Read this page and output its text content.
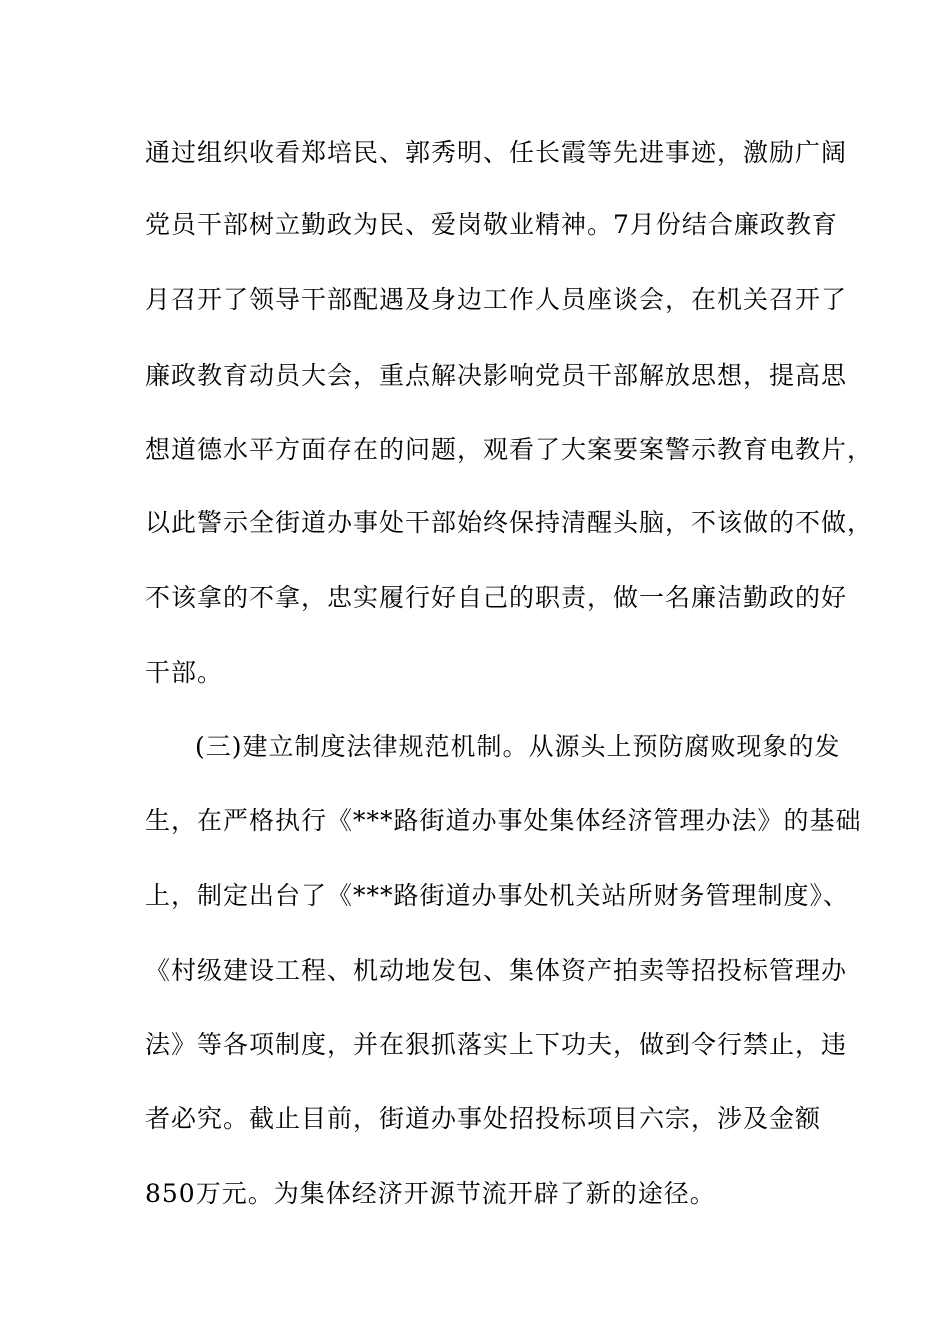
通过组织收看郑培民、郭秀明、任长霞等先进事迹，激励广阔
党员干部树立勤政为民、爱岗敬业精神。7月份结合廉政教育
月召开了领导干部配遇及身边工作人员座谈会，在机关召开了
廉政教育动员大会，重点解决影响党员干部解放思想，提高思
想道德水平方面存在的问题，观看了大案要案警示教育电教片，
以此警示全街道办事处干部始终保持清醒头脑，不该做的不做，
不该拿的不拿，忠实履行好自己的职责，做一名廉洁勤政的好
干部。
(三)建立制度法律规范机制。从源头上预防腐败现象的发
生，在严格执行《***路街道办事处集体经济管理办法》的基础
上，制定出台了《***路街道办事处机关站所财务管理制度》、
《村级建设工程、机动地发包、集体资产拍卖等招投标管理办
法》等各项制度，并在狠抓落实上下功夫，做到令行禁止，违
者必究。截止目前，街道办事处招投标项目六宗，涉及金额
850万元。为集体经济开源节流开辟了新的途径。
